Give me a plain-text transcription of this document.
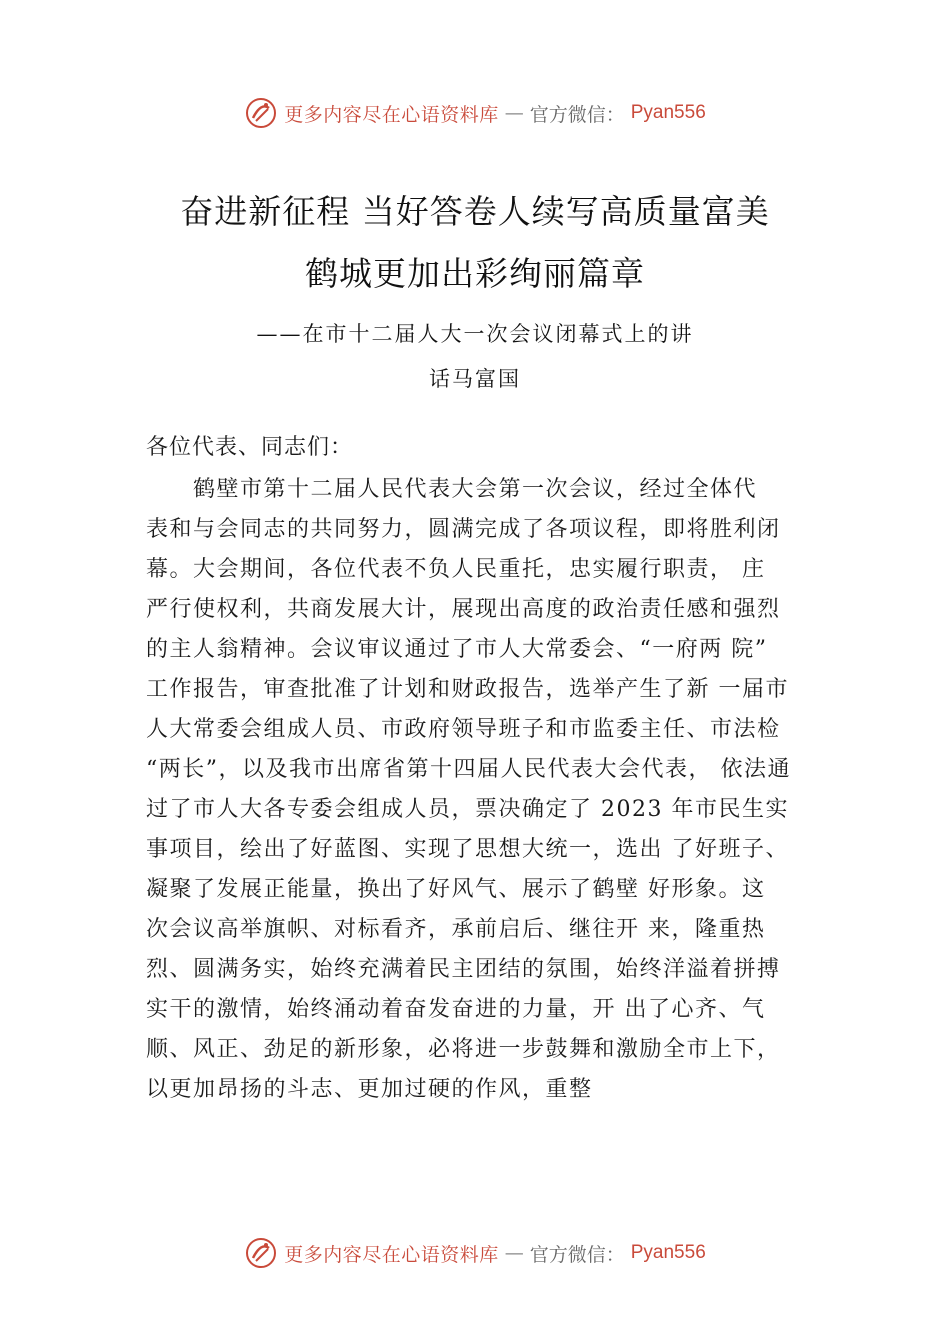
更多内容尽在心语资料库 — 官方微信： Pyan556
奋进新征程 当好答卷人续写高质量富美
鹤城更加出彩绚丽篇章
——在市十二届人大一次会议闭幕式上的讲
话马富国
各位代表、同志们：
　　鹤壁市第十二届人民代表大会第一次会议，经过全体代
表和与会同志的共同努力，圆满完成了各项议程，即将胜利闭
幕。大会期间，各位代表不负人民重托，忠实履行职责， 庄
严行使权利，共商发展大计，展现出高度的政治责任感和强烈
的主人翁精神。会议审议通过了市人大常委会、“一府两 院”
工作报告，审查批准了计划和财政报告，选举产生了新 一届市
人大常委会组成人员、市政府领导班子和市监委主任、市法检
“两长”，以及我市出席省第十四届人民代表大会代表， 依法通
过了市人大各专委会组成人员，票决确定了 2023 年市民生实
事项目，绘出了好蓝图、实现了思想大统一，选出 了好班子、
凝聚了发展正能量，换出了好风气、展示了鹤壁 好形象。这
次会议高举旗帜、对标看齐，承前启后、继往开 来，隆重热
烈、圆满务实，始终充满着民主团结的氛围，始终洋溢着拼搏
实干的激情，始终涌动着奋发奋进的力量，开 出了心齐、气
顺、风正、劲足的新形象，必将进一步鼓舞和激励全市上下，
以更加昂扬的斗志、更加过硬的作风，重整
更多内容尽在心语资料库 — 官方微信： Pyan556
